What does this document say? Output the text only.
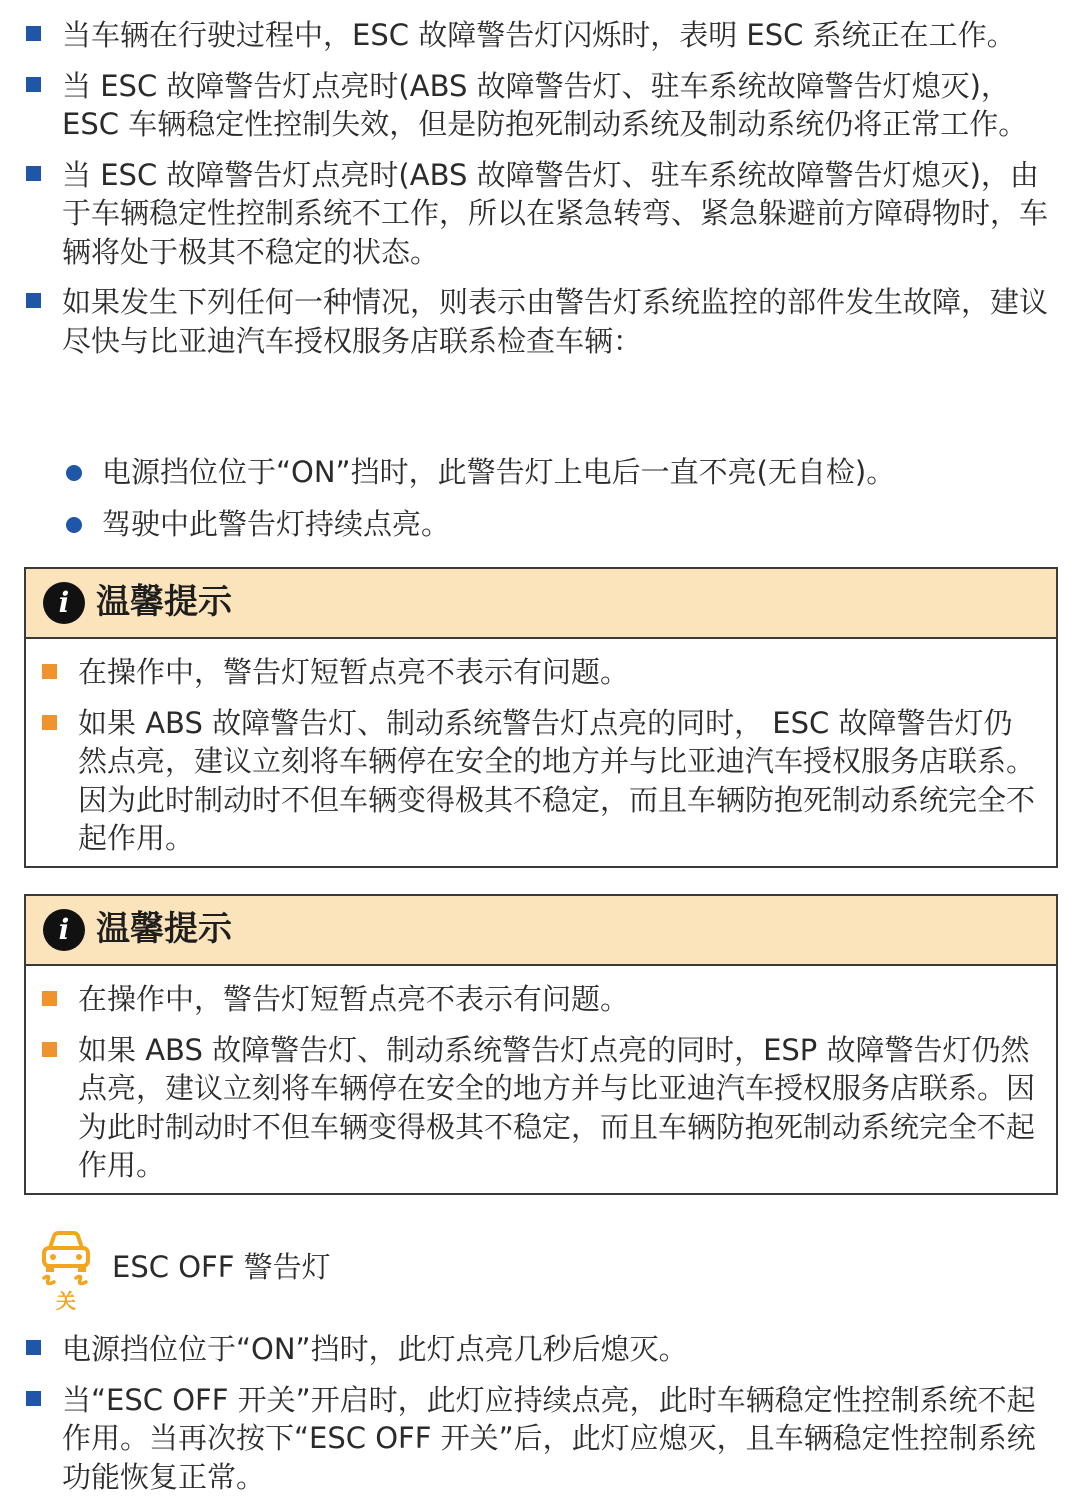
当车辆在行驶过程中，ESC 故障警告灯闪烁时，表明 ESC 系统正在工作。
当 ESC 故障警告灯点亮时(ABS 故障警告灯、驻车系统故障警告灯熄灭)，ESC 车辆稳定性控制失效，但是防抱死制动系统及制动系统仍将正常工作。
当 ESC 故障警告灯点亮时(ABS 故障警告灯、驻车系统故障警告灯熄灭)，由于车辆稳定性控制系统不工作，所以在紧急转弯、紧急躲避前方障碍物时，车辆将处于极其不稳定的状态。
如果发生下列任何一种情况，则表示由警告灯系统监控的部件发生故障，建议尽快与比亚迪汽车授权服务店联系检查车辆：
电源挡位位于“ON”挡时，此警告灯上电后一直不亮(无自检)。
驾驶中此警告灯持续点亮。
i 温馨提示
在操作中，警告灯短暂点亮不表示有问题。
如果 ABS 故障警告灯、制动系统警告灯点亮的同时， ESC 故障警告灯仍然点亮，建议立刻将车辆停在安全的地方并与比亚迪汽车授权服务店联系。因为此时制动时不但车辆变得极其不稳定，而且车辆防抱死制动系统完全不起作用。
i 温馨提示
在操作中，警告灯短暂点亮不表示有问题。
如果 ABS 故障警告灯、制动系统警告灯点亮的同时，ESP 故障警告灯仍然点亮，建议立刻将车辆停在安全的地方并与比亚迪汽车授权服务店联系。因为此时制动时不但车辆变得极其不稳定，而且车辆防抱死制动系统完全不起作用。
关
ESC OFF 警告灯
电源挡位位于“ON”挡时，此灯点亮几秒后熄灭。
当“ESC OFF 开关”开启时，此灯应持续点亮，此时车辆稳定性控制系统不起作用。当再次按下“ESC OFF 开关”后，此灯应熄灭，且车辆稳定性控制系统功能恢复正常。
